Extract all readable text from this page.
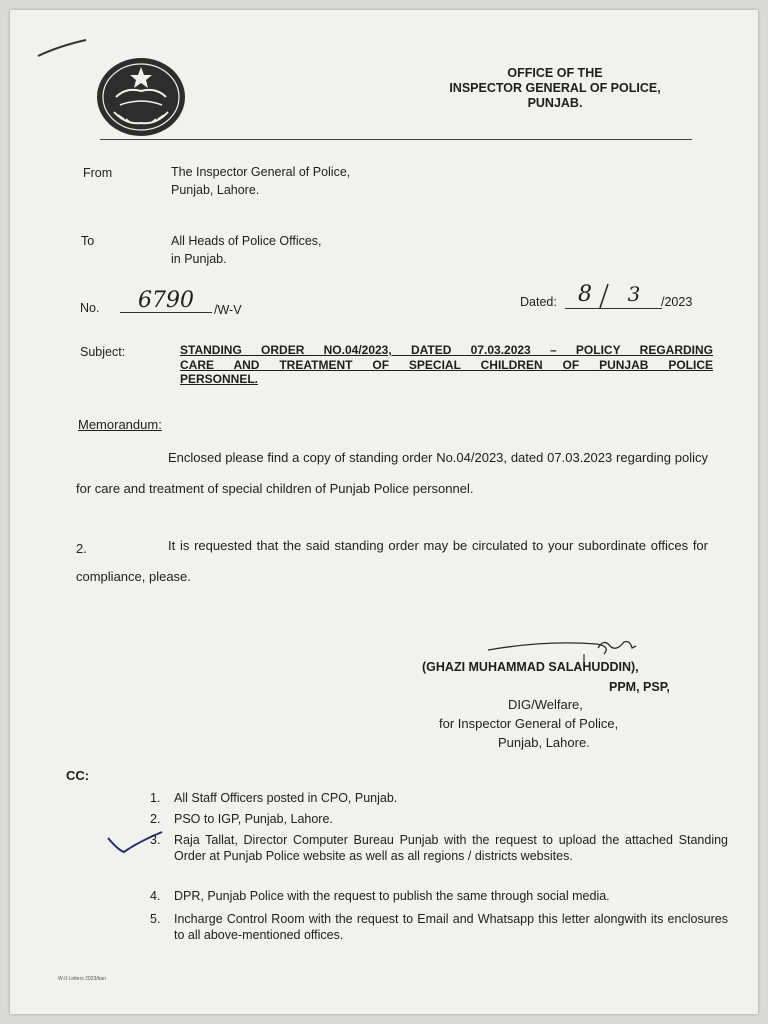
OFFICE OF THE
INSPECTOR GENERAL OF POLICE,
PUNJAB.
From	The Inspector General of Police,
Punjab, Lahore.
To	All Heads of Police Offices,
in Punjab.
No.	6790	/W-V
Dated: 8	3	/2023
Subject:	STANDING ORDER NO.04/2023, DATED 07.03.2023 – POLICY REGARDING
CARE AND TREATMENT OF SPECIAL CHILDREN OF PUNJAB POLICE
PERSONNEL.
Memorandum:
Enclosed please find a copy of standing order No.04/2023, dated 07.03.2023 regarding policy for care and treatment of special children of Punjab Police personnel.
2.	It is requested that the said standing order may be circulated to your subordinate offices for compliance, please.
(GHAZI MUHAMMAD SALAHUDDIN),
PPM, PSP,
DIG/Welfare,
for Inspector General of Police,
Punjab, Lahore.
CC:
1. All Staff Officers posted in CPO, Punjab.
2. PSO to IGP, Punjab, Lahore.
3. Raja Tallat, Director Computer Bureau Punjab with the request to upload the attached Standing Order at Punjab Police website as well as all regions / districts websites.
4. DPR, Punjab Police with the request to publish the same through social media.
5. Incharge Control Room with the request to Email and Whatsapp this letter alongwith its enclosures to all above-mentioned offices.
W-II Letters 2023/ban
